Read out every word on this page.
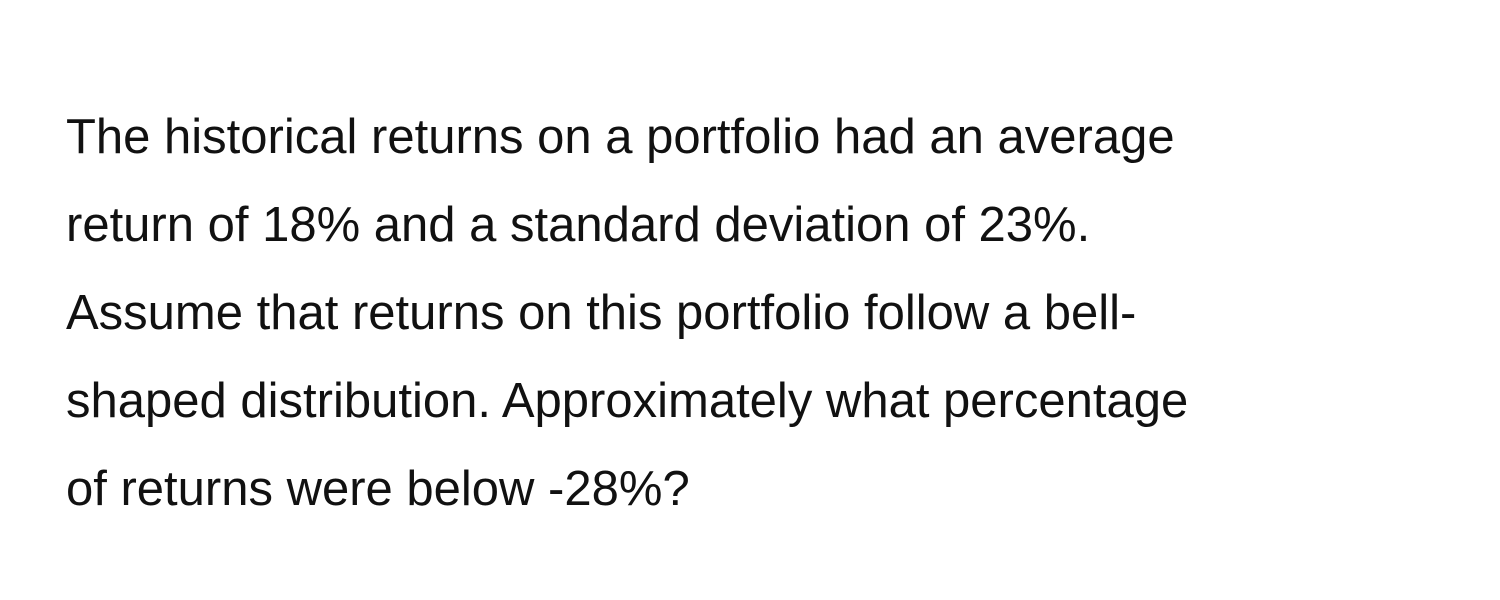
The historical returns on a portfolio had an average
return of 18% and a standard deviation of 23%.
Assume that returns on this portfolio follow a bell-
shaped distribution. Approximately what percentage
of returns were below -28%?
